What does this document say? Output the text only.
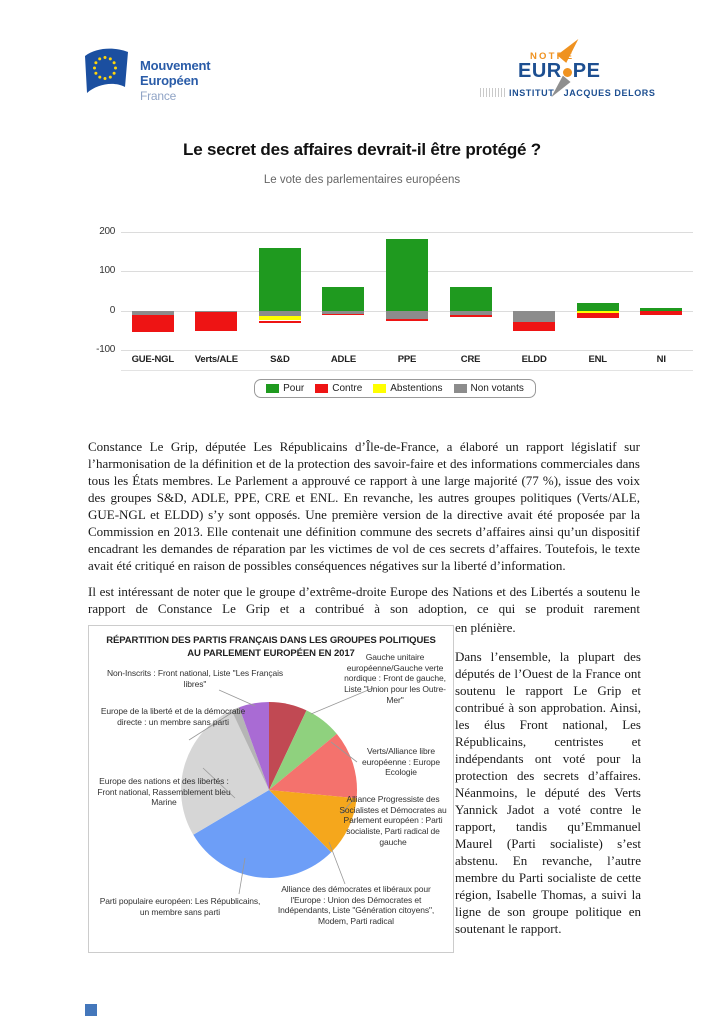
Mouvement
Européen
France
NOTRE
EUR PE
INSTITUT   JACQUES DELORS
Le secret des affaires devrait-il être protégé ?
Le vote des parlementaires européens
GUE-NGL	Verts/ALE	S&D	ADLE	PPE	CRE	ELDD	ENL	NI
Pour	Contre	Abstentions	Non votants
200
100
0
-100
Constance Le Grip, députée Les Républicains d’Île-de-France, a élaboré un rapport législatif sur l’harmonisation de la définition et de la protection des savoir-faire et des informations commerciales dans tous les États membres. Le Parlement a approuvé ce rapport à une large majorité (77 %), issue des voix des groupes S&D, ADLE, PPE, CRE et ENL. En revanche, les autres groupes politiques (Verts/ALE, GUE-NGL et ELDD) s’y sont opposés. Une première version de la directive avait été proposée par la Commission en 2013. Elle contenait une définition commune des secrets d’affaires ainsi qu’un dispositif encadrant les demandes de réparation par les victimes de vol de ces secrets d’affaires. Toutefois, le texte avait été critiqué en raison de possibles conséquences négatives sur la liberté d’information.
Il est intéressant de noter que le groupe d’extrême-droite Europe des Nations et des Libertés a soutenu le rapport de Constance Le Grip et a contribué à son adoption, ce qui se produit rarement
RÉPARTITION DES PARTIS FRANÇAIS DANS LES GROUPES POLITIQUES
AU PARLEMENT EUROPÉEN EN 2017	Gauche unitaire européenne/Gauche verte nordique : Front de gauche, Liste "Union pour les Outre-Mer"
Verts/Alliance libre européenne : Europe Ecologie
Alliance Progressiste des Socialistes et Démocrates au Parlement européen : Parti socialiste, Parti radical de gauche
Alliance des démocrates et libéraux pour l'Europe : Union des Démocrates et Indépendants, Liste "Génération citoyens", Modem, Parti radical
Parti populaire européen: Les Républicains, un membre sans parti
Europe des nations et des libertés : Front national, Rassemblement bleu Marine
Europe de la liberté et de la démocratie directe : un membre sans parti
Non-Inscrits : Front national, Liste "Les Français libres"
en plénière.

Dans l’ensemble, la plupart des députés de l’Ouest de la France ont soutenu le rapport Le Grip et contribué à son approbation. Ainsi, les élus Front national, Les Républicains, centristes et indépendants ont voté pour la protection des secrets d’affaires. Néanmoins, le député des Verts Yannick Jadot a voté contre le rapport, tandis qu’Emmanuel Maurel (Parti socialiste) s’est abstenu. En revanche, l’autre membre du Parti socialiste de cette région, Isabelle Thomas, a suivi la ligne de son groupe politique en soutenant le rapport.
